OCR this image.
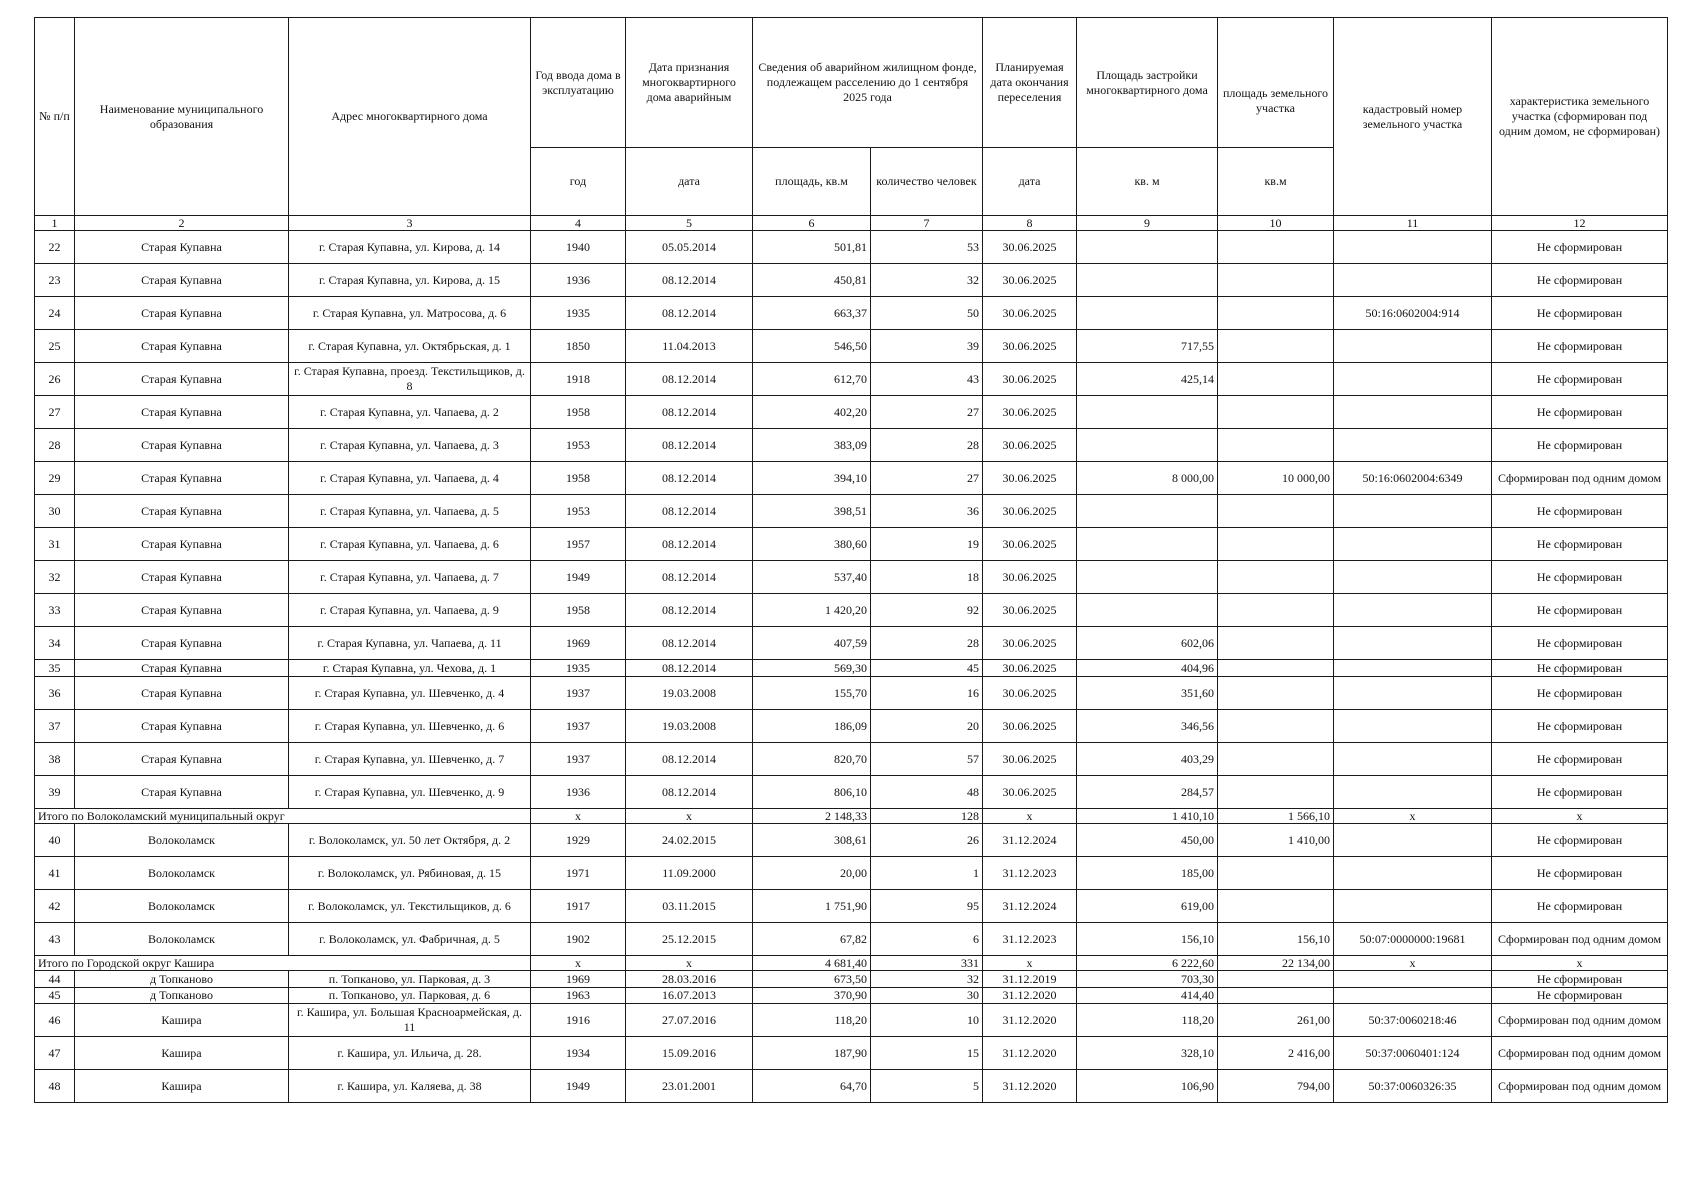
№ п/п	Наименование муниципального образования	Адрес многоквартирного дома	Год ввода дома в эксплуатацию	Дата признания многоквартирного дома аварийным	Сведения об аварийном жилищном фонде, подлежащем расселению до 1 сентября 2025 года		Планируемая дата окончания переселения	Площадь застройки многоквартирного дома	площадь земельного участка	кадастровый номер земельного участка	характеристика земельного участка (сформирован под одним домом, не сформирован)
			год	дата	площадь, кв.м	количество человек	дата	кв. м	кв.м		
1	2	3	4	5	6	7	8	9	10	11	12
22	Старая Купавна	г. Старая Купавна, ул. Кирова, д. 14	1940	05.05.2014	501,81	53	30.06.2025				Не сформирован
23	Старая Купавна	г. Старая Купавна, ул. Кирова, д. 15	1936	08.12.2014	450,81	32	30.06.2025				Не сформирован
24	Старая Купавна	г. Старая Купавна, ул. Матросова, д. 6	1935	08.12.2014	663,37	50	30.06.2025			50:16:0602004:914	Не сформирован
25	Старая Купавна	г. Старая Купавна, ул. Октябрьская, д. 1	1850	11.04.2013	546,50	39	30.06.2025	717,55			Не сформирован
26	Старая Купавна	г. Старая Купавна, проезд. Текстильщиков, д. 8	1918	08.12.2014	612,70	43	30.06.2025	425,14			Не сформирован
27	Старая Купавна	г. Старая Купавна, ул. Чапаева, д. 2	1958	08.12.2014	402,20	27	30.06.2025				Не сформирован
28	Старая Купавна	г. Старая Купавна, ул. Чапаева, д. 3	1953	08.12.2014	383,09	28	30.06.2025				Не сформирован
29	Старая Купавна	г. Старая Купавна, ул. Чапаева, д. 4	1958	08.12.2014	394,10	27	30.06.2025	8 000,00	10 000,00	50:16:0602004:6349	Сформирован под одним домом
30	Старая Купавна	г. Старая Купавна, ул. Чапаева, д. 5	1953	08.12.2014	398,51	36	30.06.2025				Не сформирован
31	Старая Купавна	г. Старая Купавна, ул. Чапаева, д. 6	1957	08.12.2014	380,60	19	30.06.2025				Не сформирован
32	Старая Купавна	г. Старая Купавна, ул. Чапаева, д. 7	1949	08.12.2014	537,40	18	30.06.2025				Не сформирован
33	Старая Купавна	г. Старая Купавна, ул. Чапаева, д. 9	1958	08.12.2014	1 420,20	92	30.06.2025				Не сформирован
34	Старая Купавна	г. Старая Купавна, ул. Чапаева, д. 11	1969	08.12.2014	407,59	28	30.06.2025	602,06			Не сформирован
35	Старая Купавна	г. Старая Купавна, ул. Чехова, д. 1	1935	08.12.2014	569,30	45	30.06.2025	404,96			Не сформирован
36	Старая Купавна	г. Старая Купавна, ул. Шевченко, д. 4	1937	19.03.2008	155,70	16	30.06.2025	351,60			Не сформирован
37	Старая Купавна	г. Старая Купавна, ул. Шевченко, д. 6	1937	19.03.2008	186,09	20	30.06.2025	346,56			Не сформирован
38	Старая Купавна	г. Старая Купавна, ул. Шевченко, д. 7	1937	08.12.2014	820,70	57	30.06.2025	403,29			Не сформирован
39	Старая Купавна	г. Старая Купавна, ул. Шевченко, д. 9	1936	08.12.2014	806,10	48	30.06.2025	284,57			Не сформирован
Итого по Волоколамский муниципальный округ			x	x	2 148,33	128	x	1 410,10	1 566,10	x	x
40	Волоколамск	г. Волоколамск, ул. 50 лет Октября, д. 2	1929	24.02.2015	308,61	26	31.12.2024	450,00	1 410,00		Не сформирован
41	Волоколамск	г. Волоколамск, ул. Рябиновая, д. 15	1971	11.09.2000	20,00	1	31.12.2023	185,00			Не сформирован
42	Волоколамск	г. Волоколамск, ул. Текстильщиков, д. 6	1917	03.11.2015	1 751,90	95	31.12.2024	619,00			Не сформирован
43	Волоколамск	г. Волоколамск, ул. Фабричная, д. 5	1902	25.12.2015	67,82	6	31.12.2023	156,10	156,10	50:07:0000000:19681	Сформирован под одним домом
Итого по Городской округ Кашира			x	x	4 681,40	331	x	6 222,60	22 134,00	x	x
44	д Топканово	п. Топканово, ул. Парковая, д. 3	1969	28.03.2016	673,50	32	31.12.2019	703,30			Не сформирован
45	д Топканово	п. Топканово, ул. Парковая, д. 6	1963	16.07.2013	370,90	30	31.12.2020	414,40			Не сформирован
46	Кашира	г. Кашира, ул. Большая Красноармейская, д. 11	1916	27.07.2016	118,20	10	31.12.2020	118,20	261,00	50:37:0060218:46	Сформирован под одним домом
47	Кашира	г. Кашира, ул. Ильича, д. 28.	1934	15.09.2016	187,90	15	31.12.2020	328,10	2 416,00	50:37:0060401:124	Сформирован под одним домом
48	Кашира	г. Кашира, ул. Каляева, д. 38	1949	23.01.2001	64,70	5	31.12.2020	106,90	794,00	50:37:0060326:35	Сформирован под одним домом
